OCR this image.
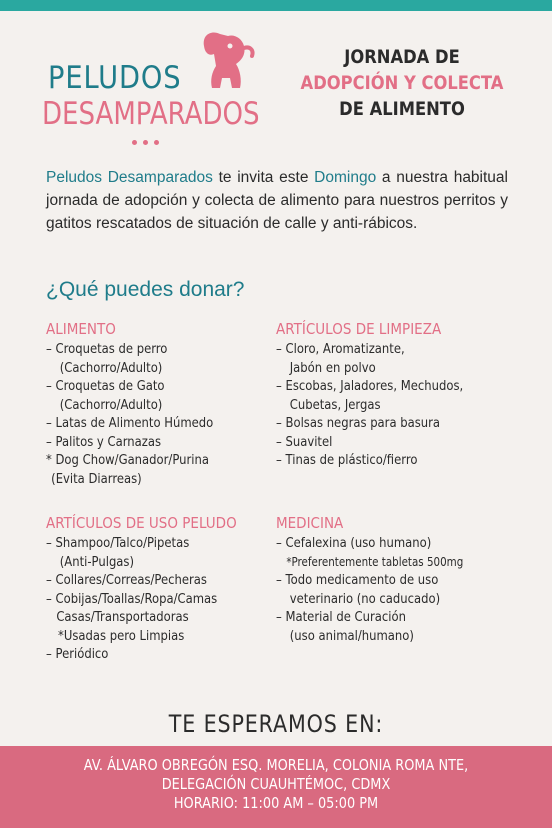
PELUDOS
DESAMPARADOS
JORNADA DE
ADOPCIÓN Y COLECTA
DE ALIMENTO
Peludos Desamparados te invita este Domingo a nuestra habitual jornada de adopción y colecta de alimento para nuestros perritos y gatitos rescatados de situación de calle y anti-rábicos.
¿Qué puedes donar?
ALIMENTO
– Croquetas de perro
(Cachorro/Adulto)
– Croquetas de Gato
(Cachorro/Adulto)
– Latas de Alimento Húmedo
– Palitos y Carnazas
* Dog Chow/Ganador/Purina
(Evita Diarreas)
ARTÍCULOS DE LIMPIEZA
– Cloro, Aromatizante,
Jabón en polvo
– Escobas, Jaladores, Mechudos,
Cubetas, Jergas
– Bolsas negras para basura
– Suavitel
– Tinas de plástico/fierro
ARTÍCULOS DE USO PELUDO
– Shampoo/Talco/Pipetas
(Anti-Pulgas)
– Collares/Correas/Pecheras
– Cobijas/Toallas/Ropa/Camas
Casas/Transportadoras
*Usadas pero Limpias
– Periódico
MEDICINA
– Cefalexina (uso humano)
*Preferentemente tabletas 500mg
– Todo medicamento de uso
veterinario (no caducado)
– Material de Curación
(uso animal/humano)
TE ESPERAMOS EN:
AV. ÁLVARO OBREGÓN ESQ. MORELIA, COLONIA ROMA NTE,
DELEGACIÓN CUAUHTÉMOC, CDMX
HORARIO: 11:00 AM – 05:00 PM
